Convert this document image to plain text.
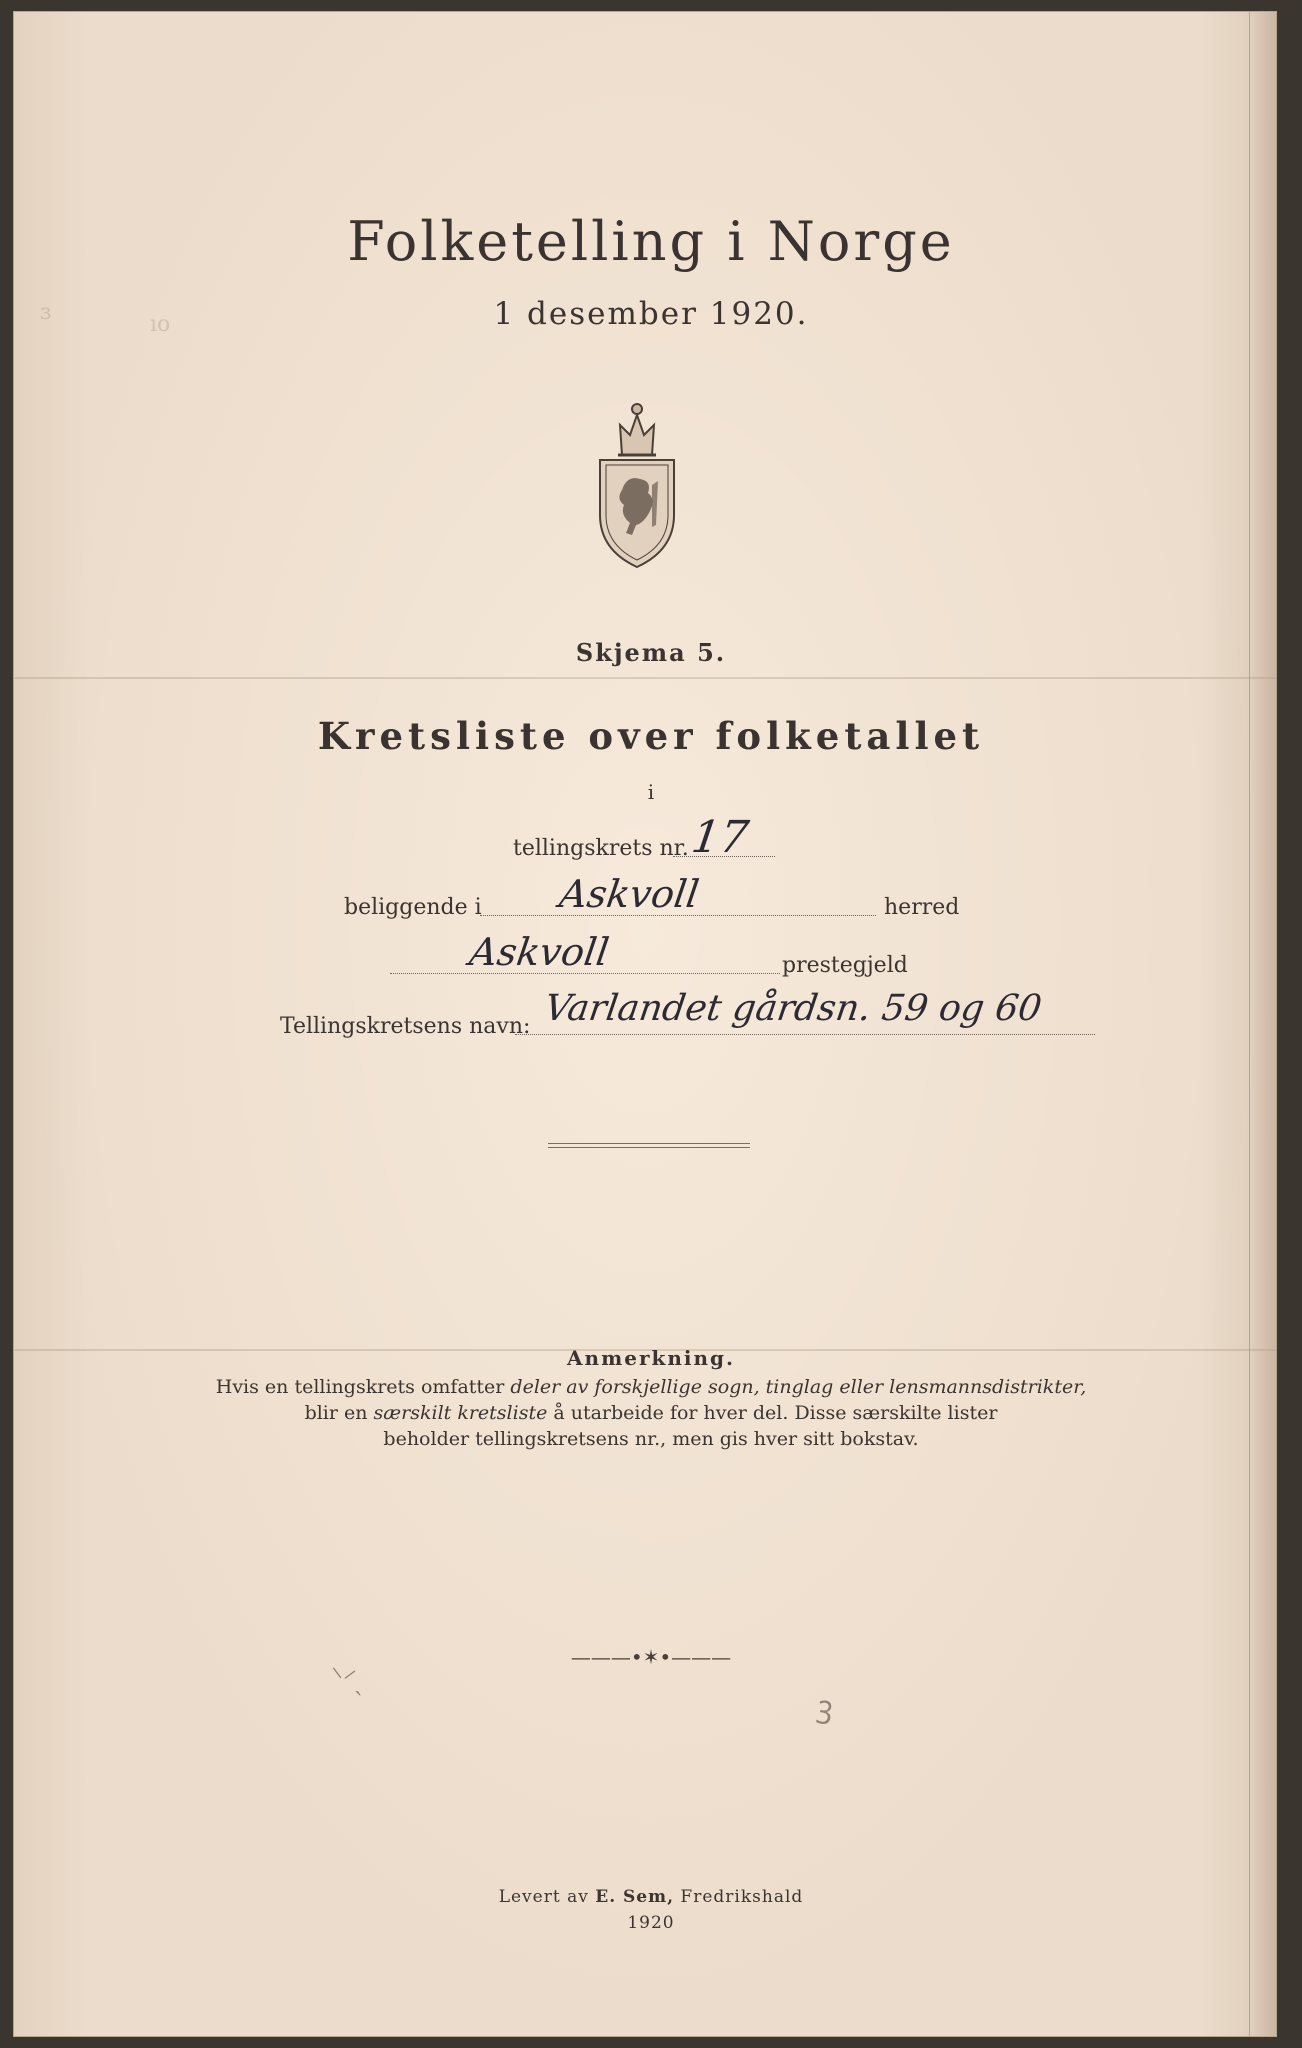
Folketelling i Norge
1 desember 1920.
Skjema 5.
Kretsliste over folketallet
i
tellingskrets nr. 17
beliggende i Askvoll	herred
Askvoll	prestegjeld
Tellingskretsens navn: Varlandet gårdsn. 59 og 60
Anmerkning.
Hvis en tellingskrets omfatter deler av forskjellige sogn, tinglag eller lensmannsdistrikter,
blir en særskilt kretsliste å utarbeide for hver del. Disse særskilte lister
beholder tellingskretsens nr., men gis hver sitt bokstav.
———•✶•———
⸌⸍ˎ
ꝫ
ɜ	ıo
Levert av E. Sem, Fredrikshald
1920
